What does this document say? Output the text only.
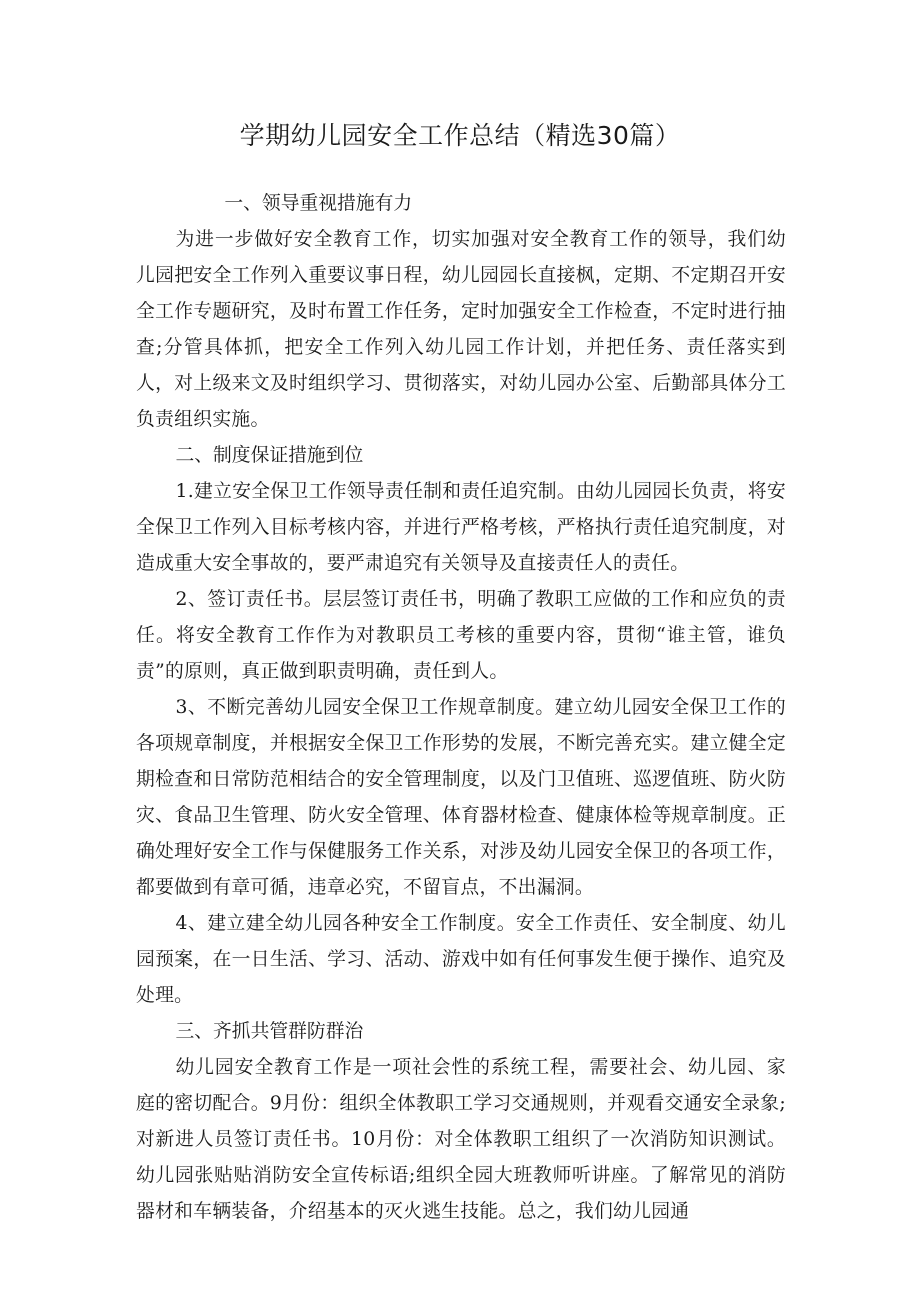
学期幼儿园安全工作总结（精选30篇）

一、领导重视措施有力

为进一步做好安全教育工作，切实加强对安全教育工作的领导，我们幼儿园把安全工作列入重要议事日程，幼儿园园长直接枫，定期、不定期召开安全工作专题研究，及时布置工作任务，定时加强安全工作检查，不定时进行抽查;分管具体抓，把安全工作列入幼儿园工作计划，并把任务、责任落实到人，对上级来文及时组织学习、贯彻落实，对幼儿园办公室、后勤部具体分工负责组织实施。

二、制度保证措施到位

1.建立安全保卫工作领导责任制和责任追究制。由幼儿园园长负责，将安全保卫工作列入目标考核内容，并进行严格考核，严格执行责任追究制度，对造成重大安全事故的，要严肃追究有关领导及直接责任人的责任。

2、签订责任书。层层签订责任书，明确了教职工应做的工作和应负的责任。将安全教育工作作为对教职员工考核的重要内容，贯彻“谁主管，谁负责”的原则，真正做到职责明确，责任到人。

3、不断完善幼儿园安全保卫工作规章制度。建立幼儿园安全保卫工作的各项规章制度，并根据安全保卫工作形势的发展，不断完善充实。建立健全定期检查和日常防范相结合的安全管理制度，以及门卫值班、巡逻值班、防火防灾、食品卫生管理、防火安全管理、体育器材检查、健康体检等规章制度。正确处理好安全工作与保健服务工作关系，对涉及幼儿园安全保卫的各项工作，都要做到有章可循，违章必究，不留盲点，不出漏洞。

4、建立建全幼儿园各种安全工作制度。安全工作责任、安全制度、幼儿园预案，在一日生活、学习、活动、游戏中如有任何事发生便于操作、追究及处理。

三、齐抓共管群防群治

幼儿园安全教育工作是一项社会性的系统工程，需要社会、幼儿园、家庭的密切配合。9月份：组织全体教职工学习交通规则，并观看交通安全录象;对新进人员签订责任书。10月份：对全体教职工组织了一次消防知识测试。幼儿园张贴贴消防安全宣传标语;组织全园大班教师听讲座。了解常见的消防器材和车辆装备，介绍基本的灭火逃生技能。总之，我们幼儿园通
